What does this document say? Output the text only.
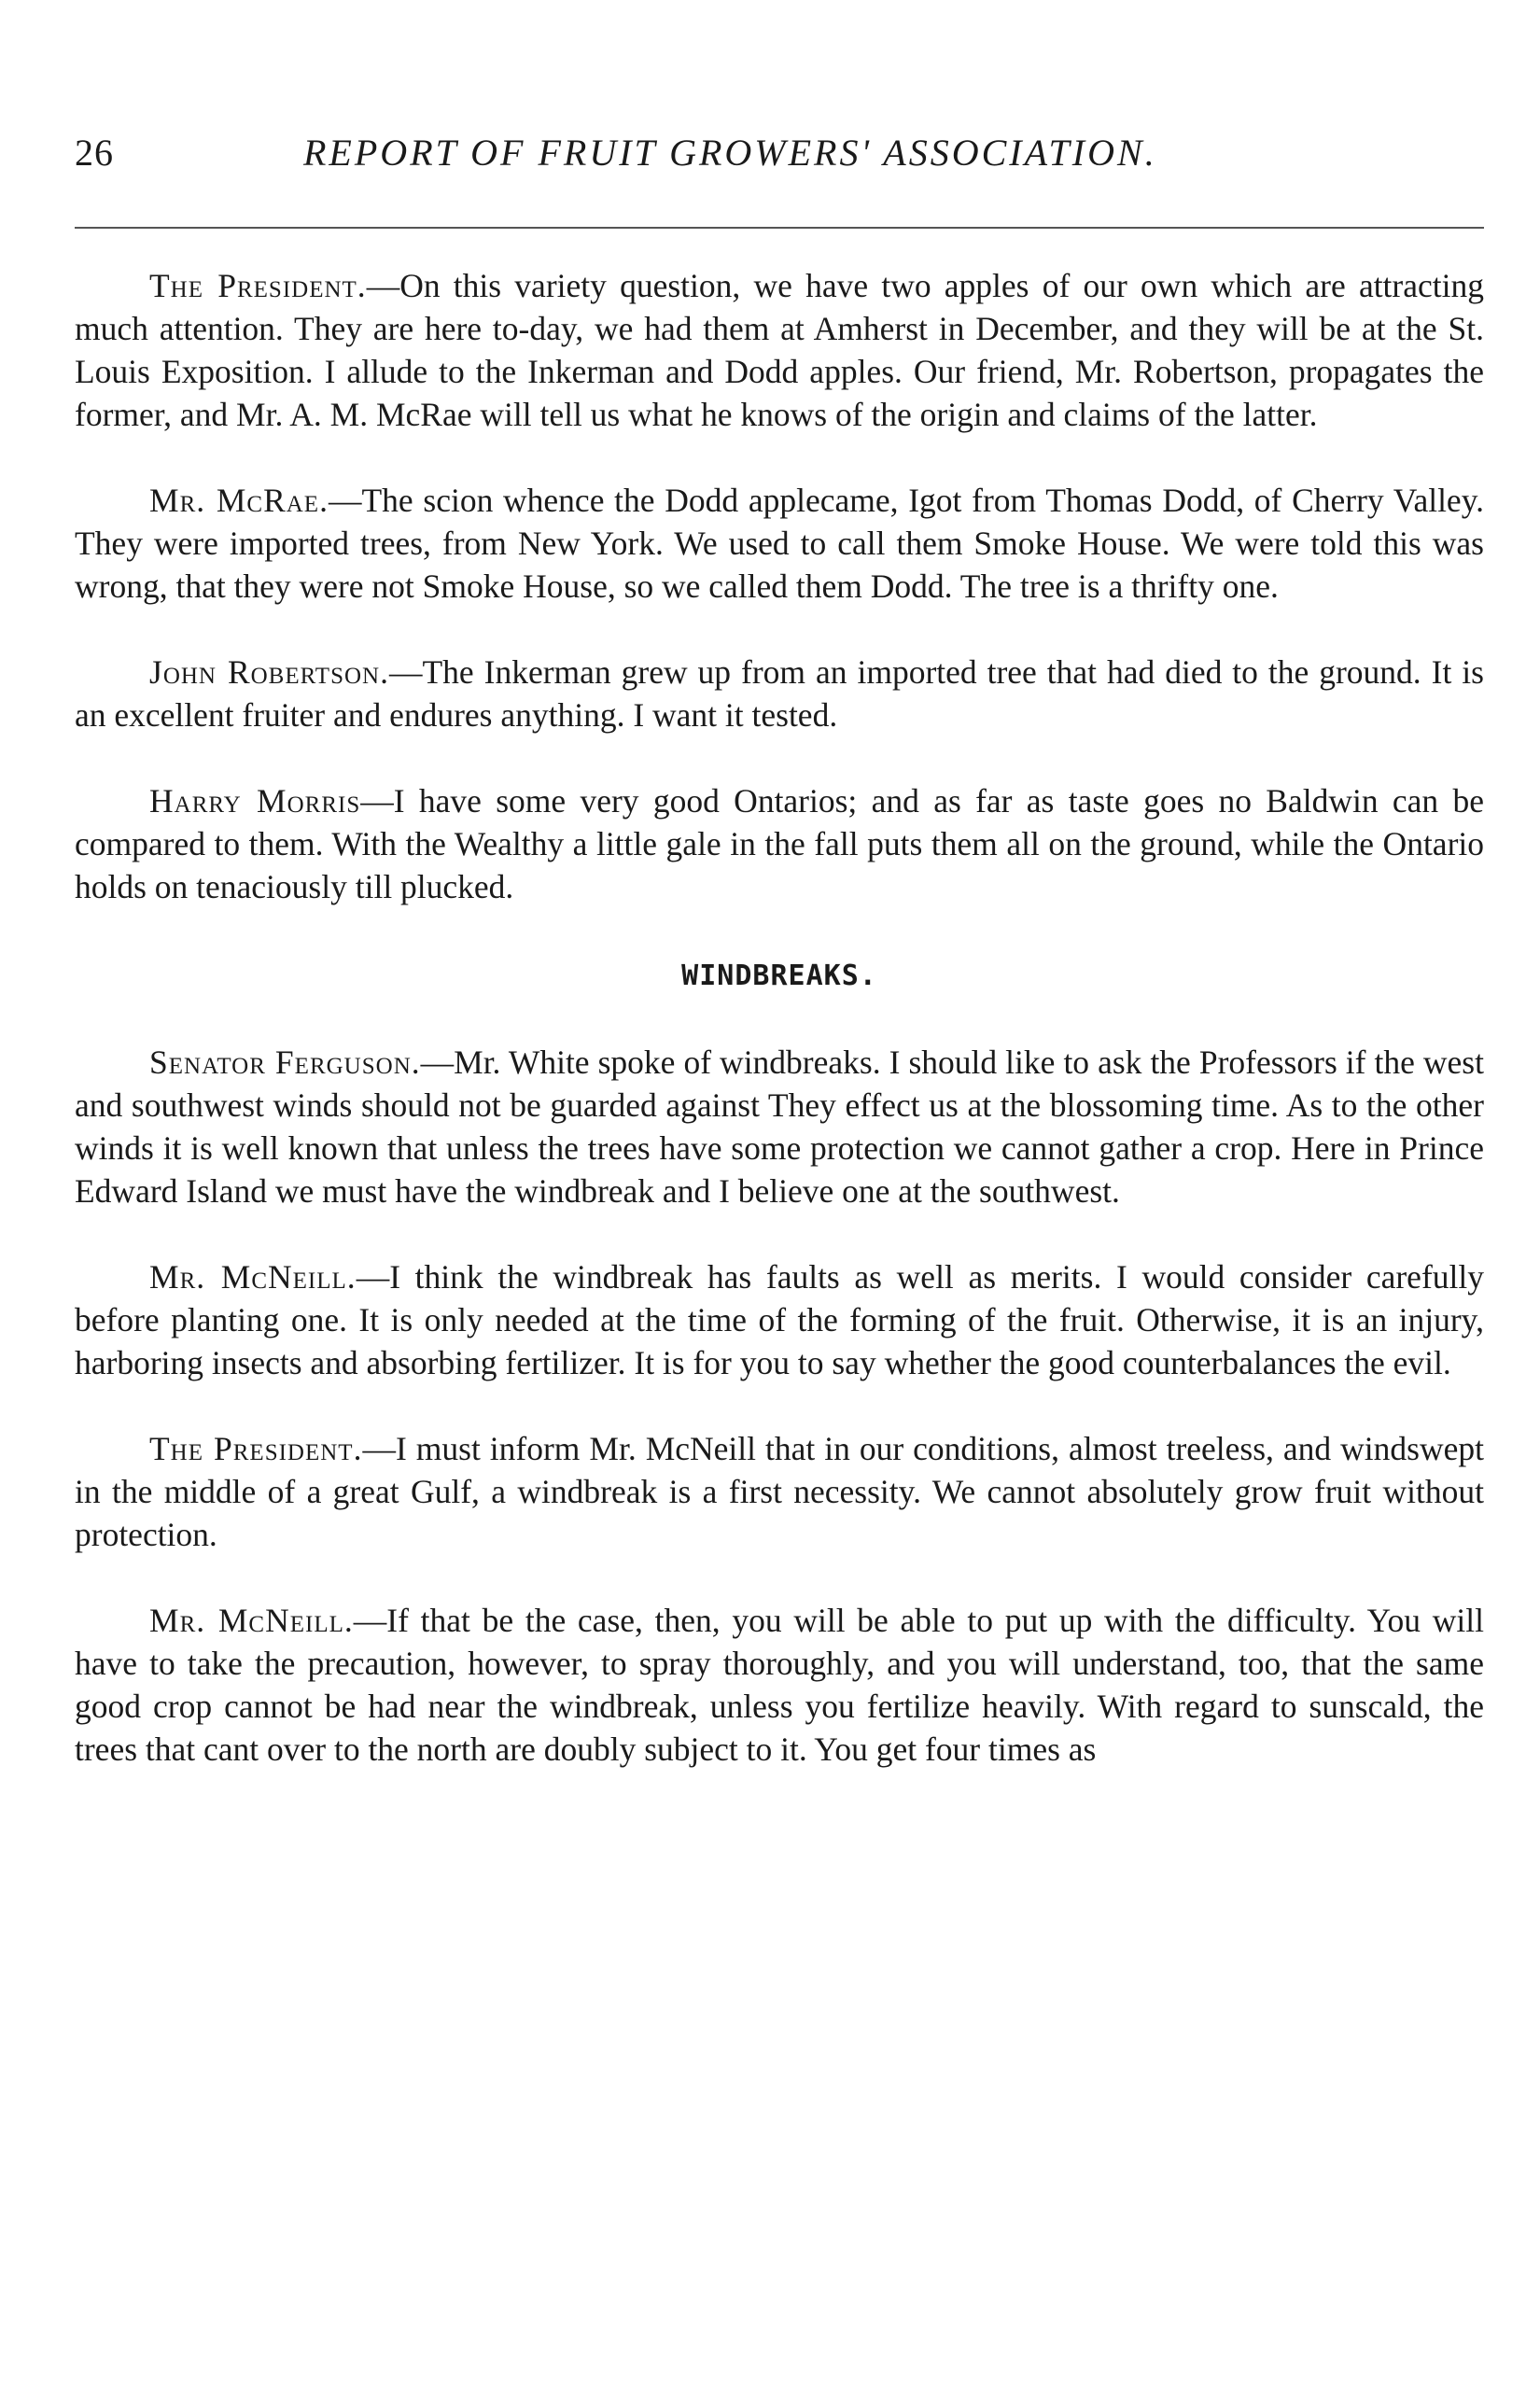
26	REPORT OF FRUIT GROWERS' ASSOCIATION.

The President.—On this variety question, we have two apples of our own which are attracting much attention. They are here to-day, we had them at Amherst in December, and they will be at the St. Louis Exposition. I allude to the Inkerman and Dodd apples. Our friend, Mr. Robertson, propagates the former, and Mr. A. M. McRae will tell us what he knows of the origin and claims of the latter.

Mr. McRae.—The scion whence the Dodd applecame, Igot from Thomas Dodd, of Cherry Valley. They were imported trees, from New York. We used to call them Smoke House. We were told this was wrong, that they were not Smoke House, so we called them Dodd. The tree is a thrifty one.

John Robertson.—The Inkerman grew up from an imported tree that had died to the ground. It is an excellent fruiter and endures anything. I want it tested.

Harry Morris—I have some very good Ontarios; and as far as taste goes no Baldwin can be compared to them. With the Wealthy a little gale in the fall puts them all on the ground, while the Ontario holds on tenaciously till plucked.

WINDBREAKS.

Senator Ferguson.—Mr. White spoke of windbreaks. I should like to ask the Professors if the west and southwest winds should not be guarded against They effect us at the blossoming time. As to the other winds it is well known that unless the trees have some protection we cannot gather a crop. Here in Prince Edward Island we must have the windbreak and I believe one at the southwest.

Mr. McNeill.—I think the windbreak has faults as well as merits. I would consider carefully before planting one. It is only needed at the time of the forming of the fruit. Otherwise, it is an injury, harboring insects and absorbing fertilizer. It is for you to say whether the good counterbalances the evil.

The President.—I must inform Mr. McNeill that in our conditions, almost treeless, and windswept in the middle of a great Gulf, a windbreak is a first necessity. We cannot absolutely grow fruit without protection.

Mr. McNeill.—If that be the case, then, you will be able to put up with the difficulty. You will have to take the precaution, however, to spray thoroughly, and you will understand, too, that the same good crop cannot be had near the windbreak, unless you fertilize heavily. With regard to sunscald, the trees that cant over to the north are doubly subject to it. You get four times as
